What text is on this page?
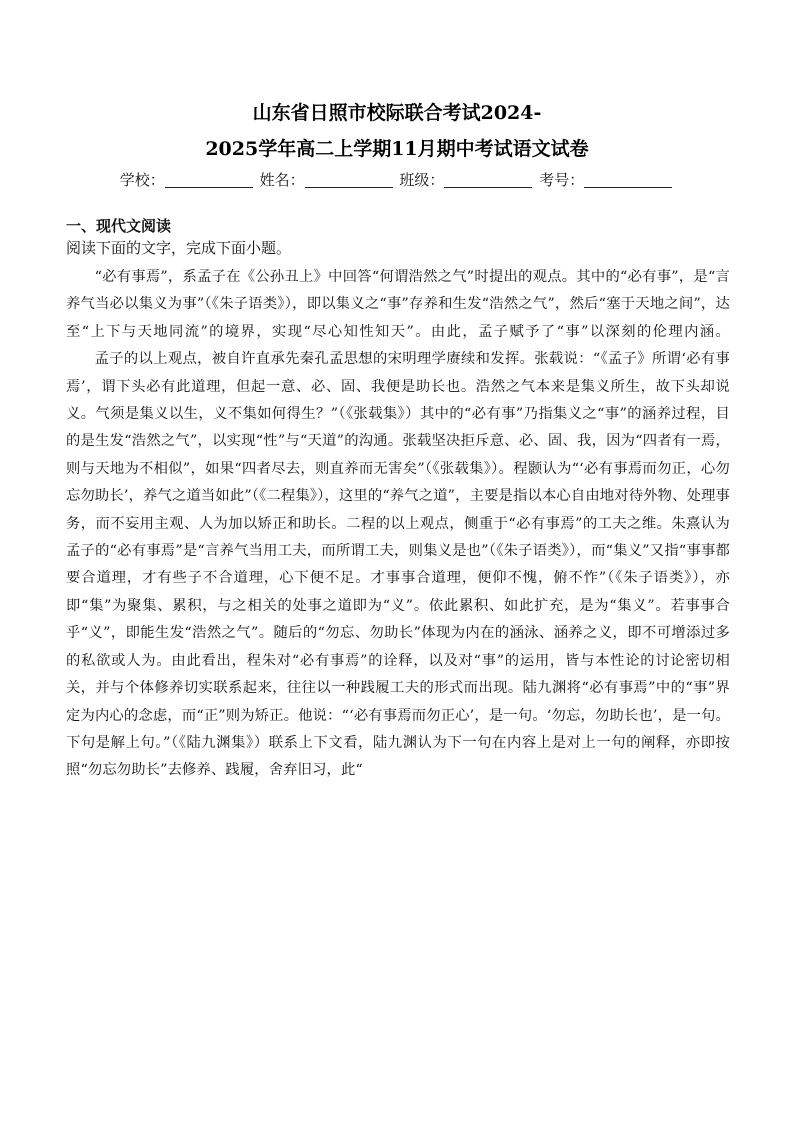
山东省日照市校际联合考试2024-
2025学年高二上学期11月期中考试语文试卷
学校：	姓名：	班级：	考号：
一、现代文阅读
阅读下面的文字，完成下面小题。

“必有事焉”，系孟子在《公孙丑上》中回答“何谓浩然之气”时提出的观点。其中的“必有事”，是“言养气当必以集义为事”（《朱子语类》），即以集义之“事”存养和生发“浩然之气”，然后“塞于天地之间”，达至“上下与天地同流”的境界，实现“尽心知性知天”。由此，孟子赋予了“事”以深刻的伦理内涵。

孟子的以上观点，被自许直承先秦孔孟思想的宋明理学赓续和发挥。张载说：“《孟子》所谓‘必有事焉’，谓下头必有此道理，但起一意、必、固、我便是助长也。浩然之气本来是集义所生，故下头却说义。气须是集义以生，义不集如何得生？”（《张载集》）其中的“必有事”乃指集义之“事”的涵养过程，目的是生发“浩然之气”，以实现“性”与“天道”的沟通。张载坚决拒斥意、必、固、我，因为“四者有一焉，则与天地为不相似”，如果“四者尽去，则直养而无害矣”（《张载集》）。程颢认为“‘必有事焉而勿正，心勿忘勿助长’，养气之道当如此”（《二程集》），这里的“养气之道”，主要是指以本心自由地对待外物、处理事务，而不妄用主观、人为加以矫正和助长。二程的以上观点，侧重于“必有事焉”的工夫之维。朱熹认为孟子的“必有事焉”是“言养气当用工夫，而所谓工夫，则集义是也”（《朱子语类》），而“集义”又指“事事都要合道理，才有些子不合道理，心下便不足。才事事合道理，便仰不愧，俯不怍”（《朱子语类》），亦即“集”为聚集、累积，与之相关的处事之道即为“义”。依此累积、如此扩充，是为“集义”。若事事合乎“义”，即能生发“浩然之气”。随后的“勿忘、勿助长”体现为内在的涵泳、涵养之义，即不可增添过多的私欲或人为。由此看出，程朱对“必有事焉”的诠释，以及对“事”的运用，皆与本性论的讨论密切相关，并与个体修养切实联系起来，往往以一种践履工夫的形式而出现。陆九渊将“必有事焉”中的“事”界定为内心的念虑，而“正”则为矫正。他说：“‘必有事焉而勿正心’，是一句。‘勿忘，勿助长也’，是一句。下句是解上句。”（《陆九渊集》）联系上下文看，陆九渊认为下一句在内容上是对上一句的阐释，亦即按照“勿忘勿助长”去修养、践履，舍弃旧习，此“
